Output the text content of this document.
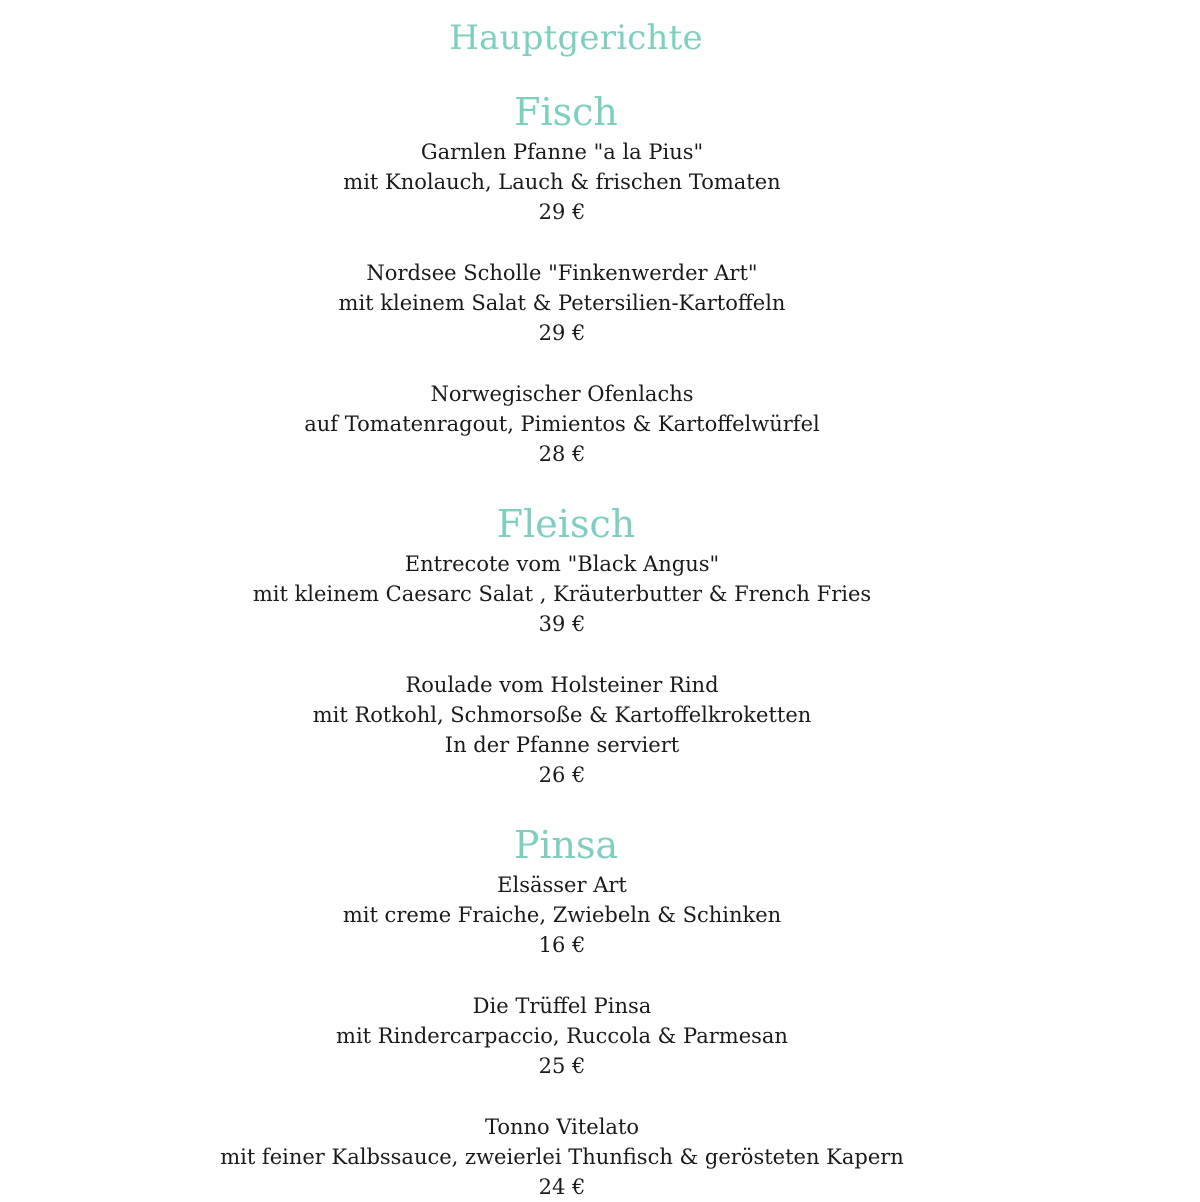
Hauptgerichte
Fisch
Garnlen Pfanne "a la Pius"
mit Knolauch, Lauch & frischen Tomaten
29 €
Nordsee Scholle "Finkenwerder Art"
mit kleinem Salat & Petersilien-Kartoffeln
29 €
Norwegischer Ofenlachs
auf Tomatenragout, Pimientos & Kartoffelwürfel
28 €
Fleisch
Entrecote vom "Black Angus"
mit kleinem Caesarc Salat , Kräuterbutter & French Fries
39 €
Roulade vom Holsteiner Rind
mit Rotkohl, Schmorsoße & Kartoffelkroketten
In der Pfanne serviert
26 €
Pinsa
Elsässer Art
mit creme Fraiche, Zwiebeln & Schinken
16 €
Die Trüffel Pinsa
mit Rindercarpaccio, Ruccola & Parmesan
25 €
Tonno Vitelato
mit feiner Kalbssauce, zweierlei Thunfisch & gerösteten Kapern
24 €
